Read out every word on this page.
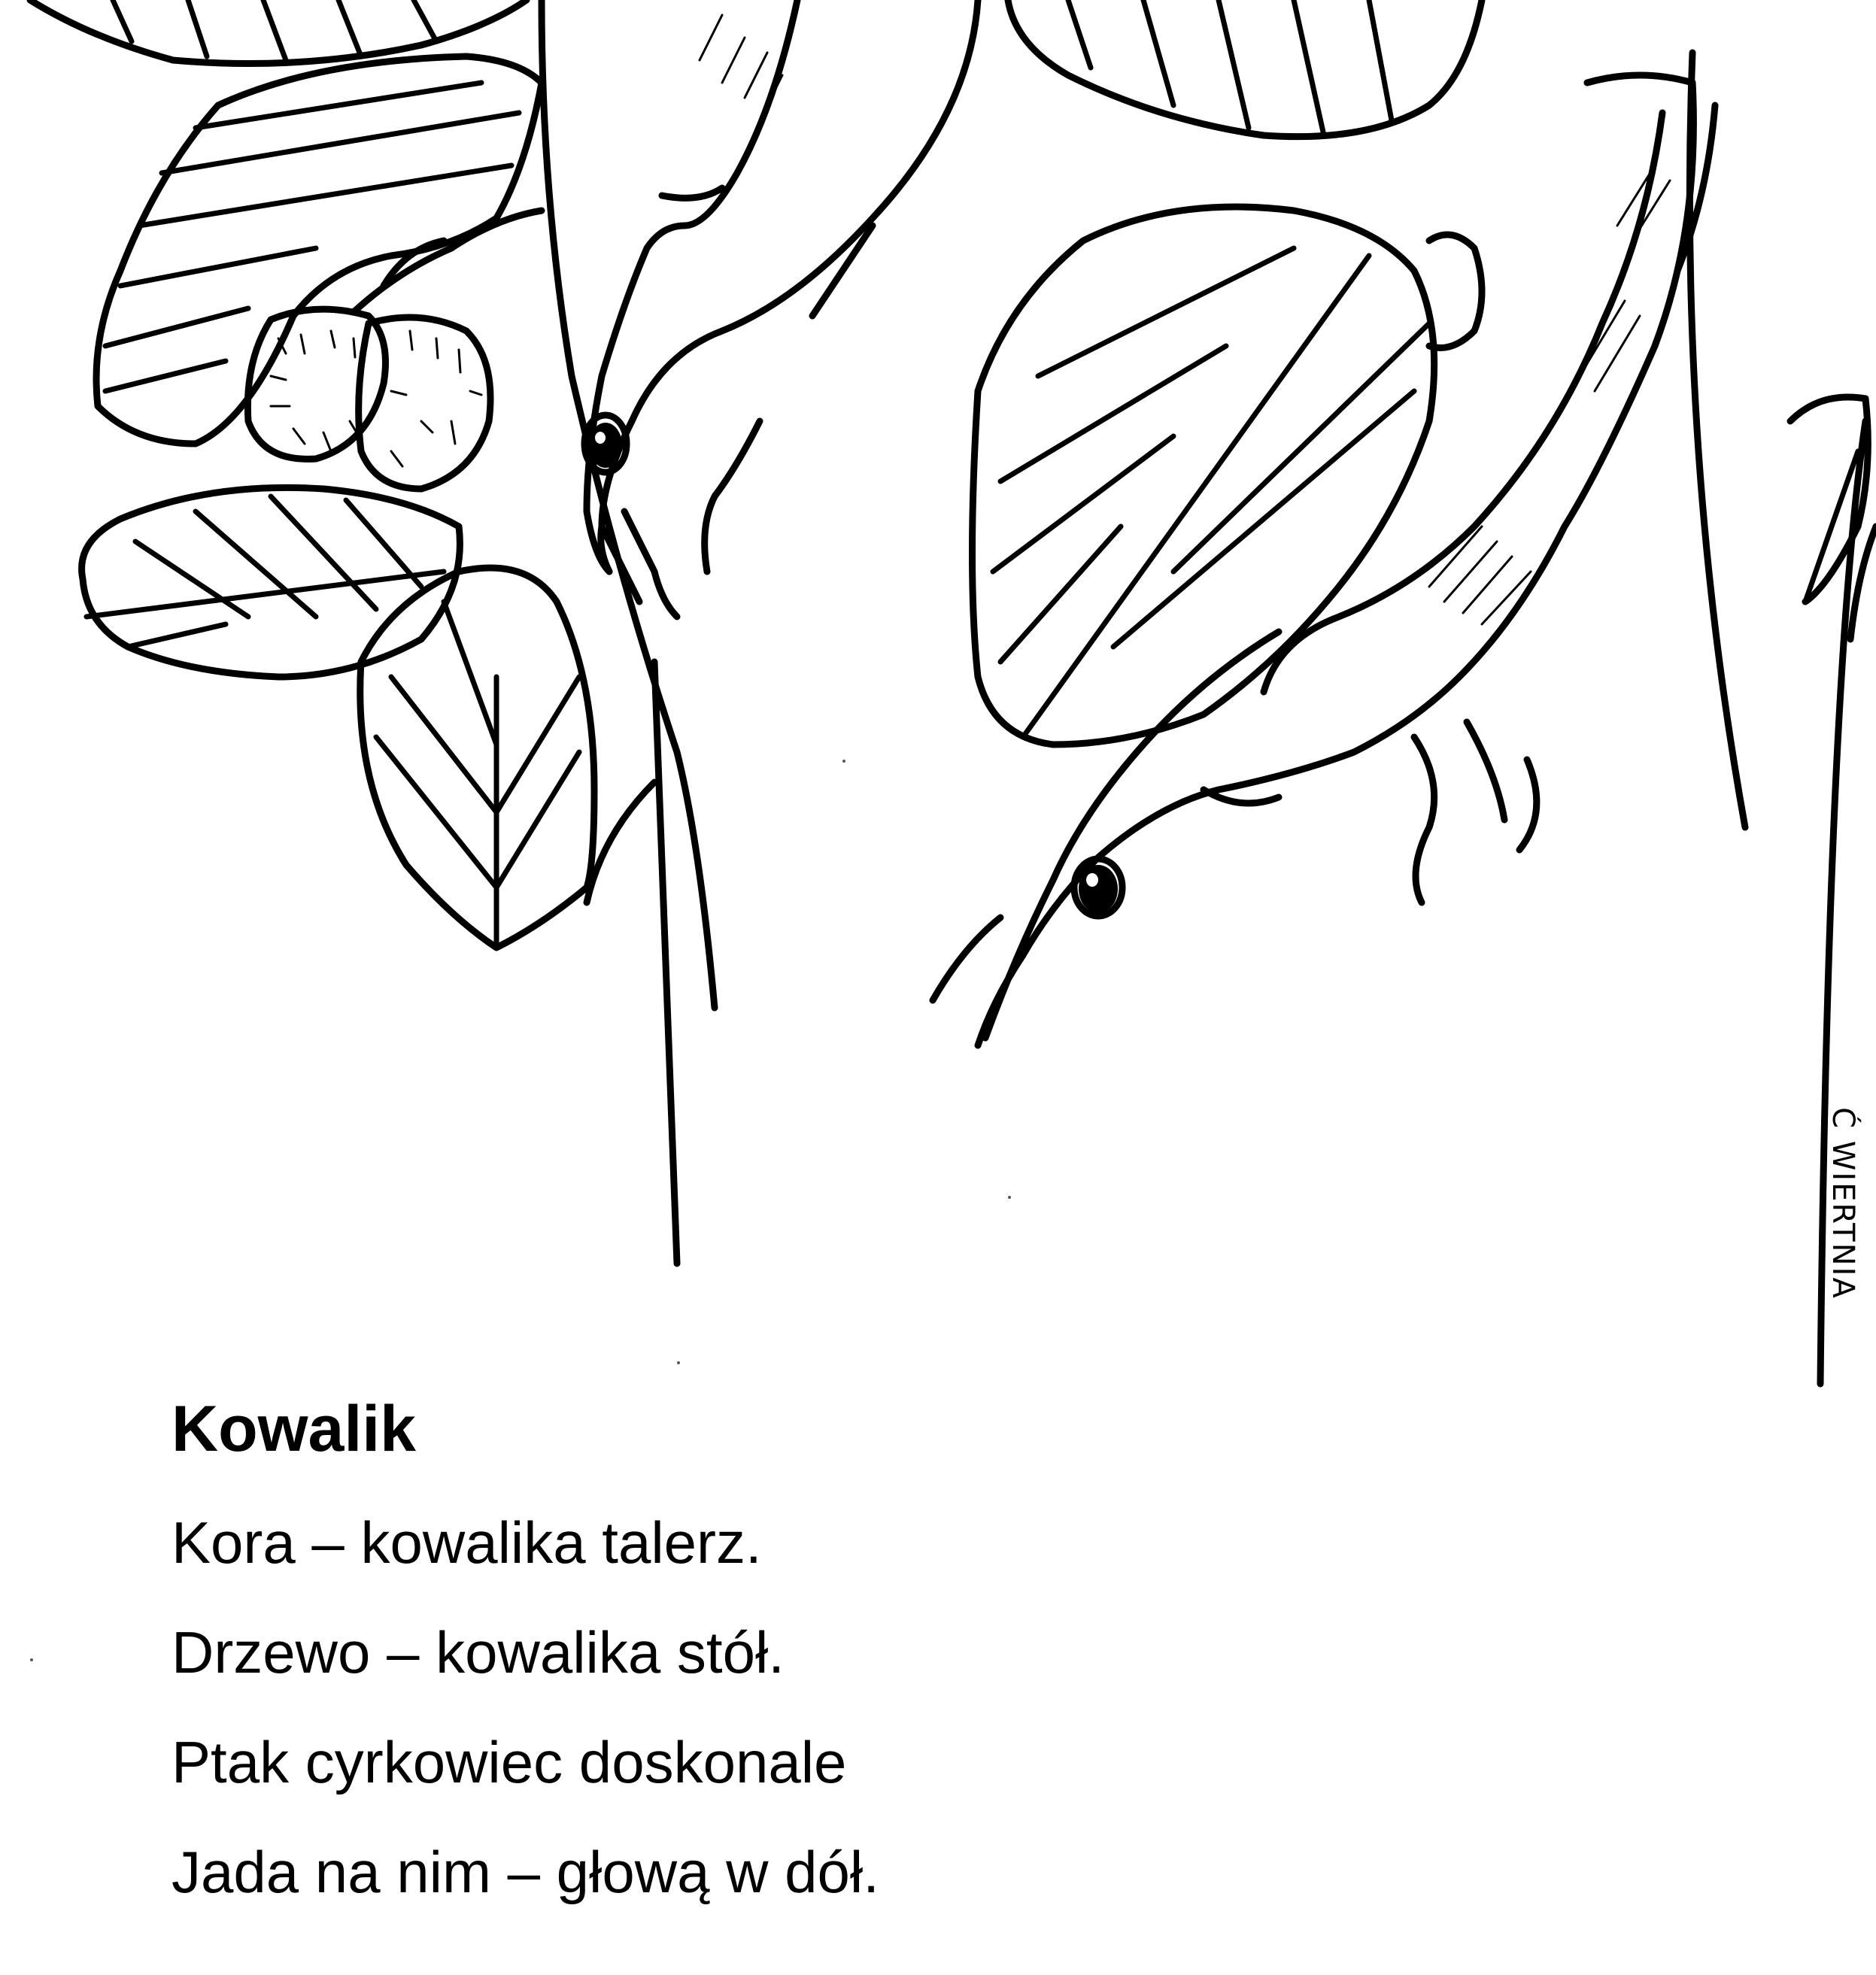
Ć WIERTNIA
Kowalik

Kora – kowalika talerz.

Drzewo – kowalika stół.

Ptak cyrkowiec doskonale

Jada na nim – głową w dół.
